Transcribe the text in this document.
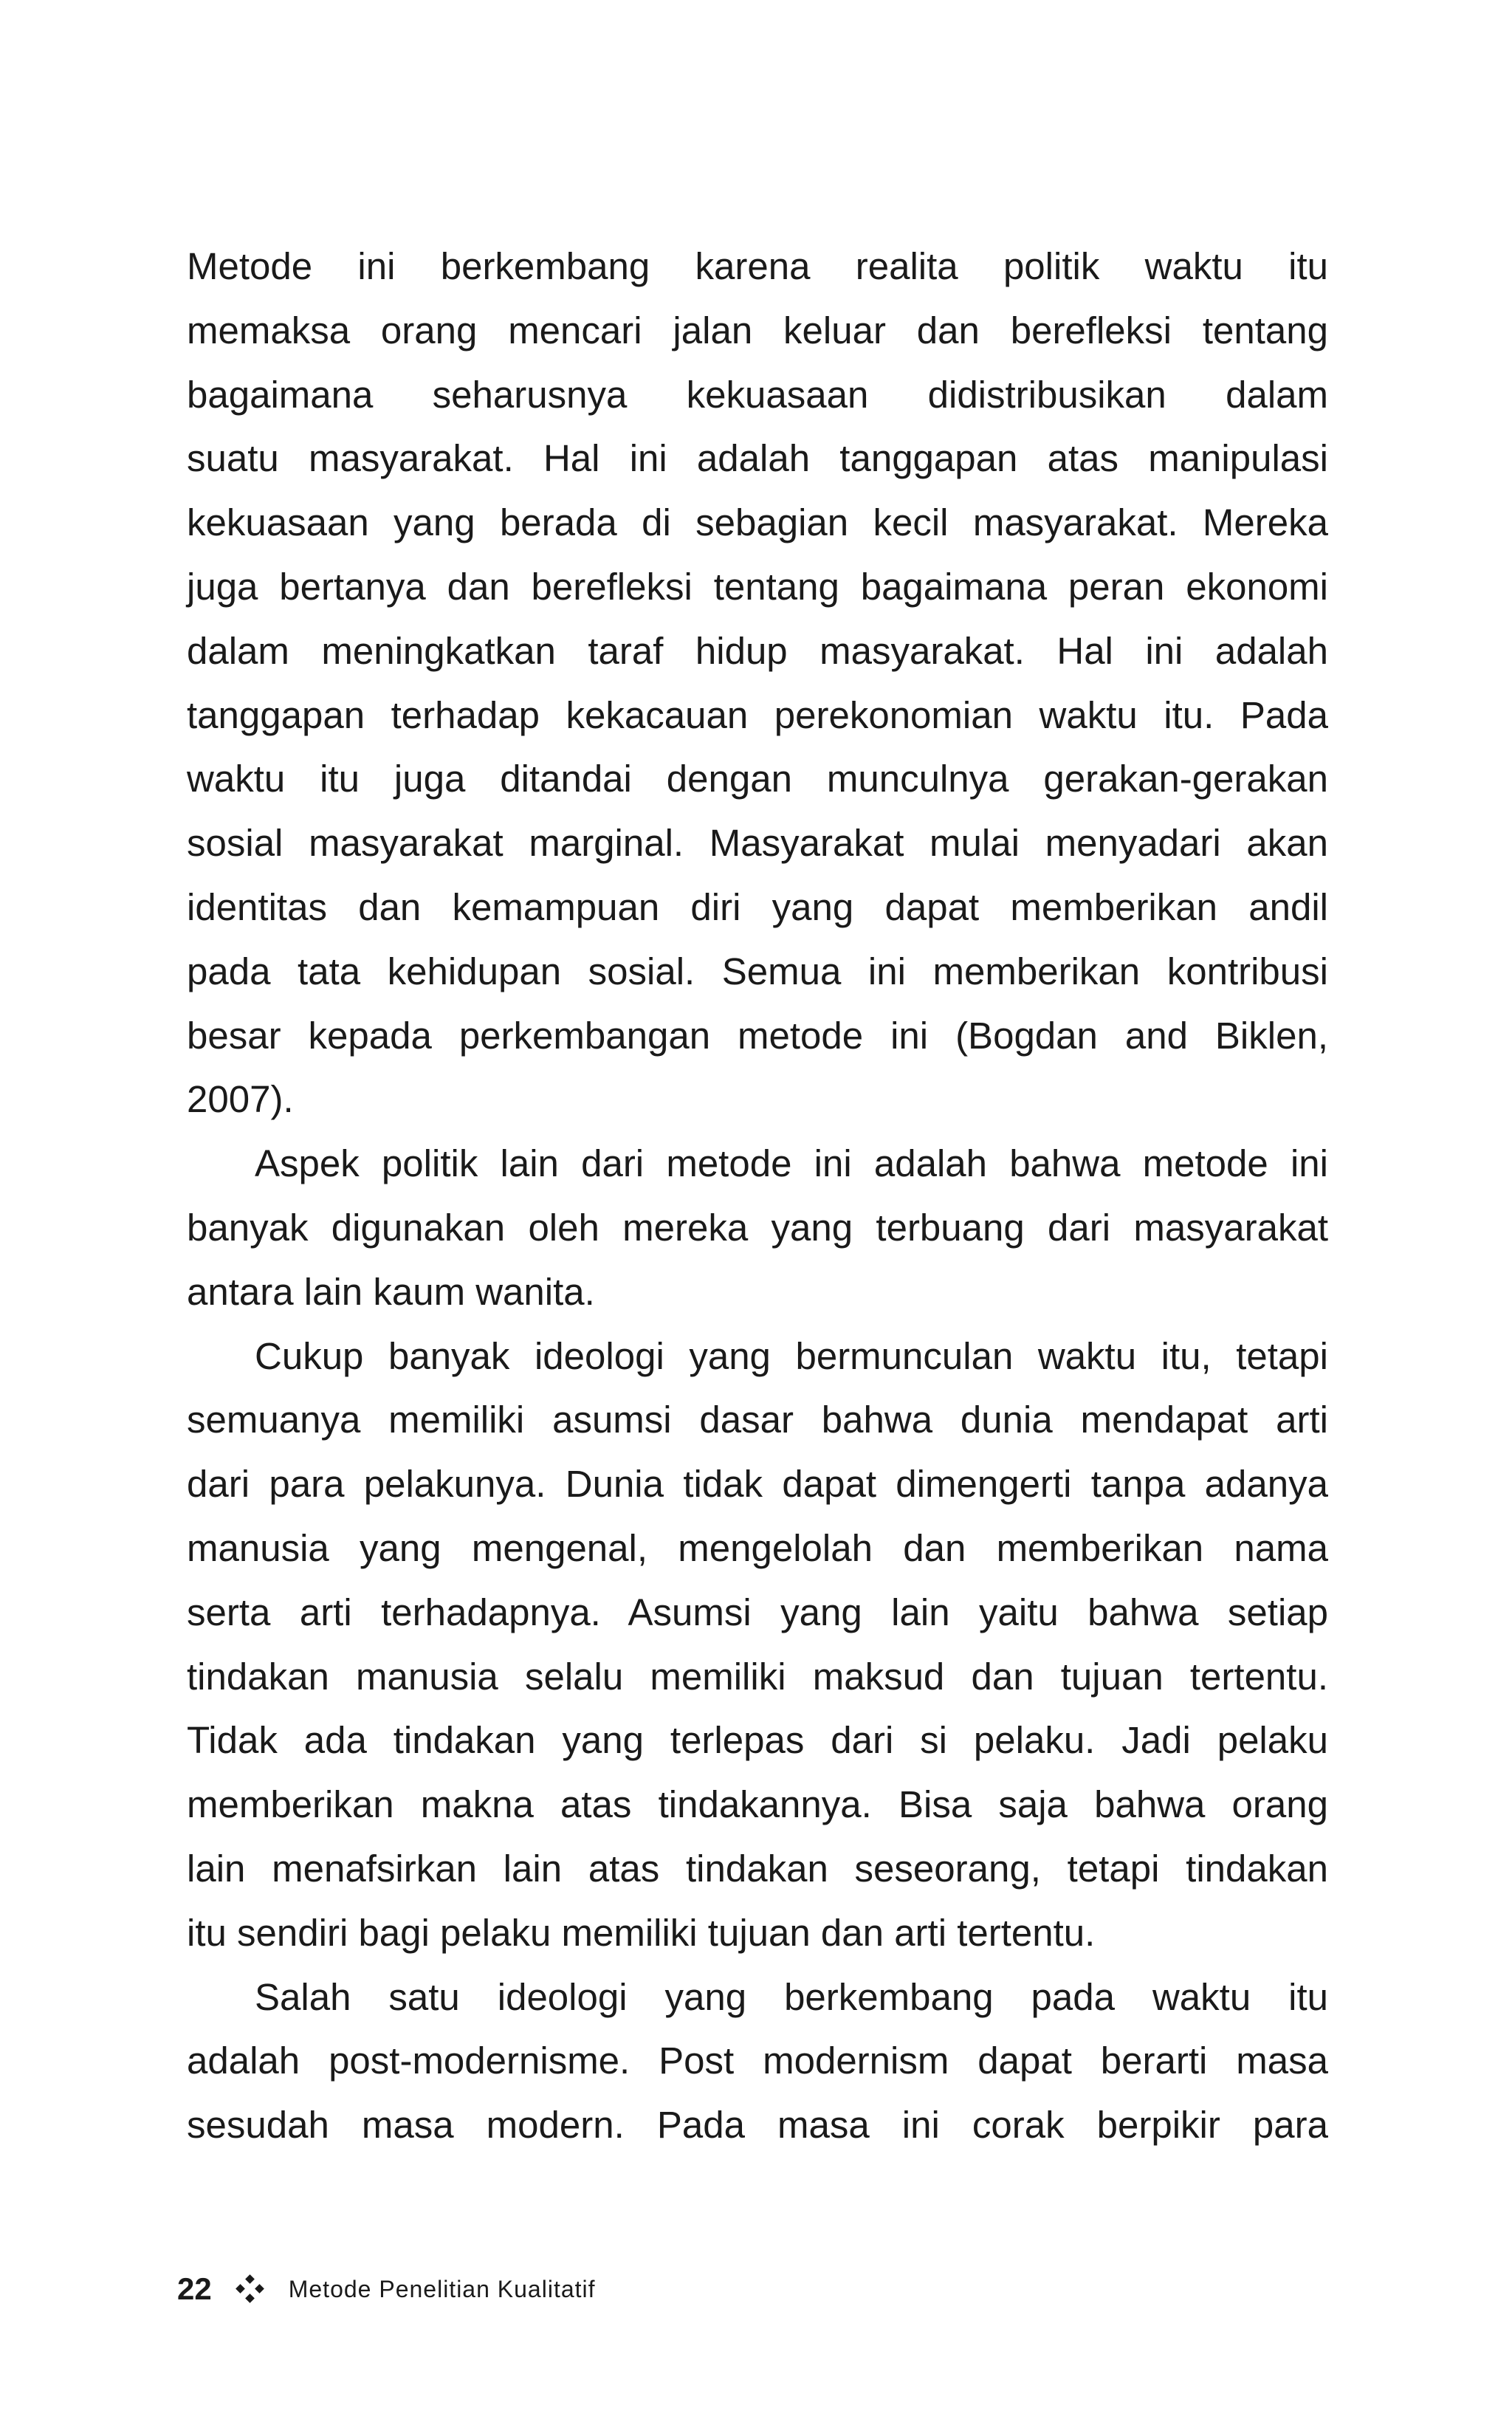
Metode ini berkembang karena realita politik waktu itu
memaksa orang mencari jalan keluar dan berefleksi tentang
bagaimana seharusnya kekuasaan didistribusikan dalam
suatu masyarakat. Hal ini adalah tanggapan atas manipulasi
kekuasaan yang berada di sebagian kecil masyarakat. Mereka
juga bertanya dan berefleksi tentang bagaimana peran ekonomi
dalam meningkatkan taraf hidup masyarakat. Hal ini adalah
tanggapan terhadap kekacauan perekonomian waktu itu. Pada
waktu itu juga ditandai dengan munculnya gerakan-gerakan
sosial masyarakat marginal. Masyarakat mulai menyadari akan
identitas dan kemampuan diri yang dapat memberikan andil
pada tata kehidupan sosial. Semua ini memberikan kontribusi
besar kepada perkembangan metode ini (Bogdan and Biklen,
2007).
Aspek politik lain dari metode ini adalah bahwa metode ini
banyak digunakan oleh mereka yang terbuang dari masyarakat
antara lain kaum wanita.
Cukup banyak ideologi yang bermunculan waktu itu, tetapi
semuanya memiliki asumsi dasar bahwa dunia mendapat arti
dari para pelakunya. Dunia tidak dapat dimengerti tanpa adanya
manusia yang mengenal, mengelolah dan memberikan nama
serta arti terhadapnya. Asumsi yang lain yaitu bahwa setiap
tindakan manusia selalu memiliki maksud dan tujuan tertentu.
Tidak ada tindakan yang terlepas dari si pelaku. Jadi pelaku
memberikan makna atas tindakannya. Bisa saja bahwa orang
lain menafsirkan lain atas tindakan seseorang, tetapi tindakan
itu sendiri bagi pelaku memiliki tujuan dan arti tertentu.
Salah satu ideologi yang berkembang pada waktu itu
adalah post-modernisme. Post modernism dapat berarti masa
sesudah masa modern. Pada masa ini corak berpikir para
22	Metode Penelitian Kualitatif
